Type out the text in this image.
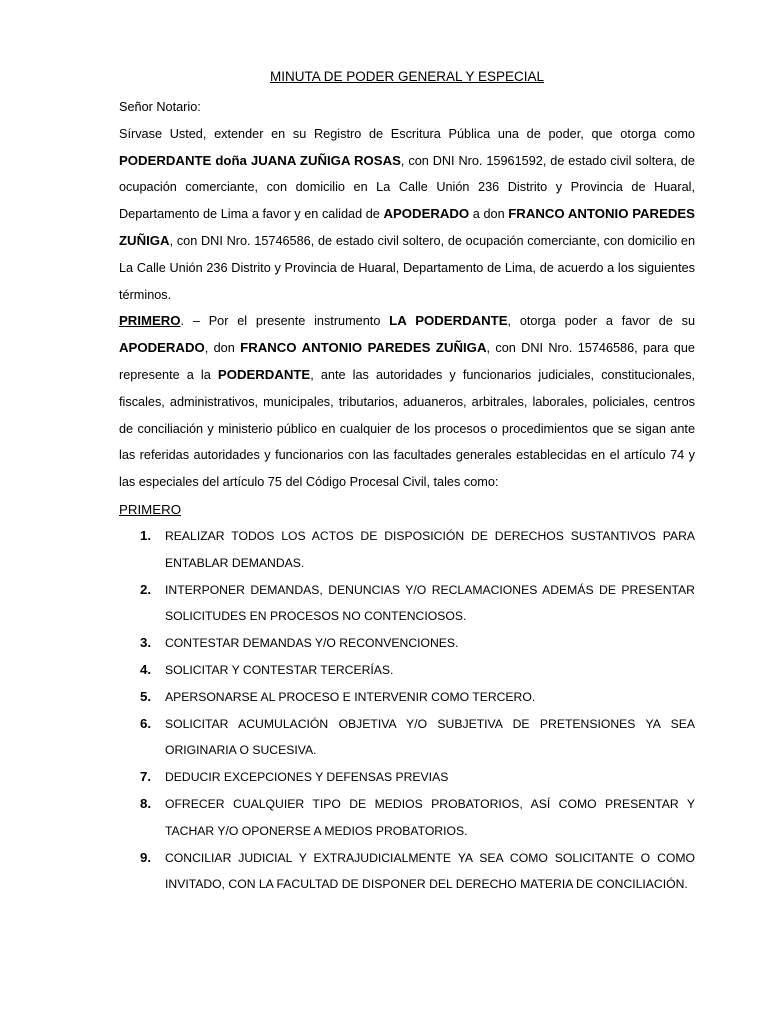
MINUTA DE PODER GENERAL Y ESPECIAL

Señor Notario:

Sírvase Usted, extender en su Registro de Escritura Pública una de poder, que otorga como PODERDANTE doña JUANA ZUÑIGA ROSAS, con DNI Nro. 15961592, de estado civil soltera, de ocupación comerciante, con domicilio en La Calle Unión 236 Distrito y Provincia de Huaral, Departamento de Lima a favor y en calidad de APODERADO a don FRANCO ANTONIO PAREDES ZUÑIGA, con DNI Nro. 15746586, de estado civil soltero, de ocupación comerciante, con domicilio en La Calle Unión 236 Distrito y Provincia de Huaral, Departamento de Lima, de acuerdo a los siguientes términos.

PRIMERO. – Por el presente instrumento LA PODERDANTE, otorga poder a favor de su APODERADO, don FRANCO ANTONIO PAREDES ZUÑIGA, con DNI Nro. 15746586, para que represente a la PODERDANTE, ante las autoridades y funcionarios judiciales, constitucionales, fiscales, administrativos, municipales, tributarios, aduaneros, arbitrales, laborales, policiales, centros de conciliación y ministerio público en cualquier de los procesos o procedimientos que se sigan ante las referidas autoridades y funcionarios con las facultades generales establecidas en el artículo 74 y las especiales del artículo 75 del Código Procesal Civil, tales como:

PRIMERO
1. REALIZAR TODOS LOS ACTOS DE DISPOSICIÓN DE DERECHOS SUSTANTIVOS PARA ENTABLAR DEMANDAS.
2. INTERPONER DEMANDAS, DENUNCIAS Y/O RECLAMACIONES ADEMÁS DE PRESENTAR SOLICITUDES EN PROCESOS NO CONTENCIOSOS.
3. CONTESTAR DEMANDAS Y/O RECONVENCIONES.
4. SOLICITAR Y CONTESTAR TERCERÍAS.
5. APERSONARSE AL PROCESO E INTERVENIR COMO TERCERO.
6. SOLICITAR ACUMULACIÓN OBJETIVA Y/O SUBJETIVA DE PRETENSIONES YA SEA ORIGINARIA O SUCESIVA.
7. DEDUCIR EXCEPCIONES Y DEFENSAS PREVIAS
8. OFRECER CUALQUIER TIPO DE MEDIOS PROBATORIOS, ASÍ COMO PRESENTAR Y TACHAR Y/O OPONERSE A MEDIOS PROBATORIOS.
9. CONCILIAR JUDICIAL Y EXTRAJUDICIALMENTE YA SEA COMO SOLICITANTE O COMO INVITADO, CON LA FACULTAD DE DISPONER DEL DERECHO MATERIA DE CONCILIACIÓN.
